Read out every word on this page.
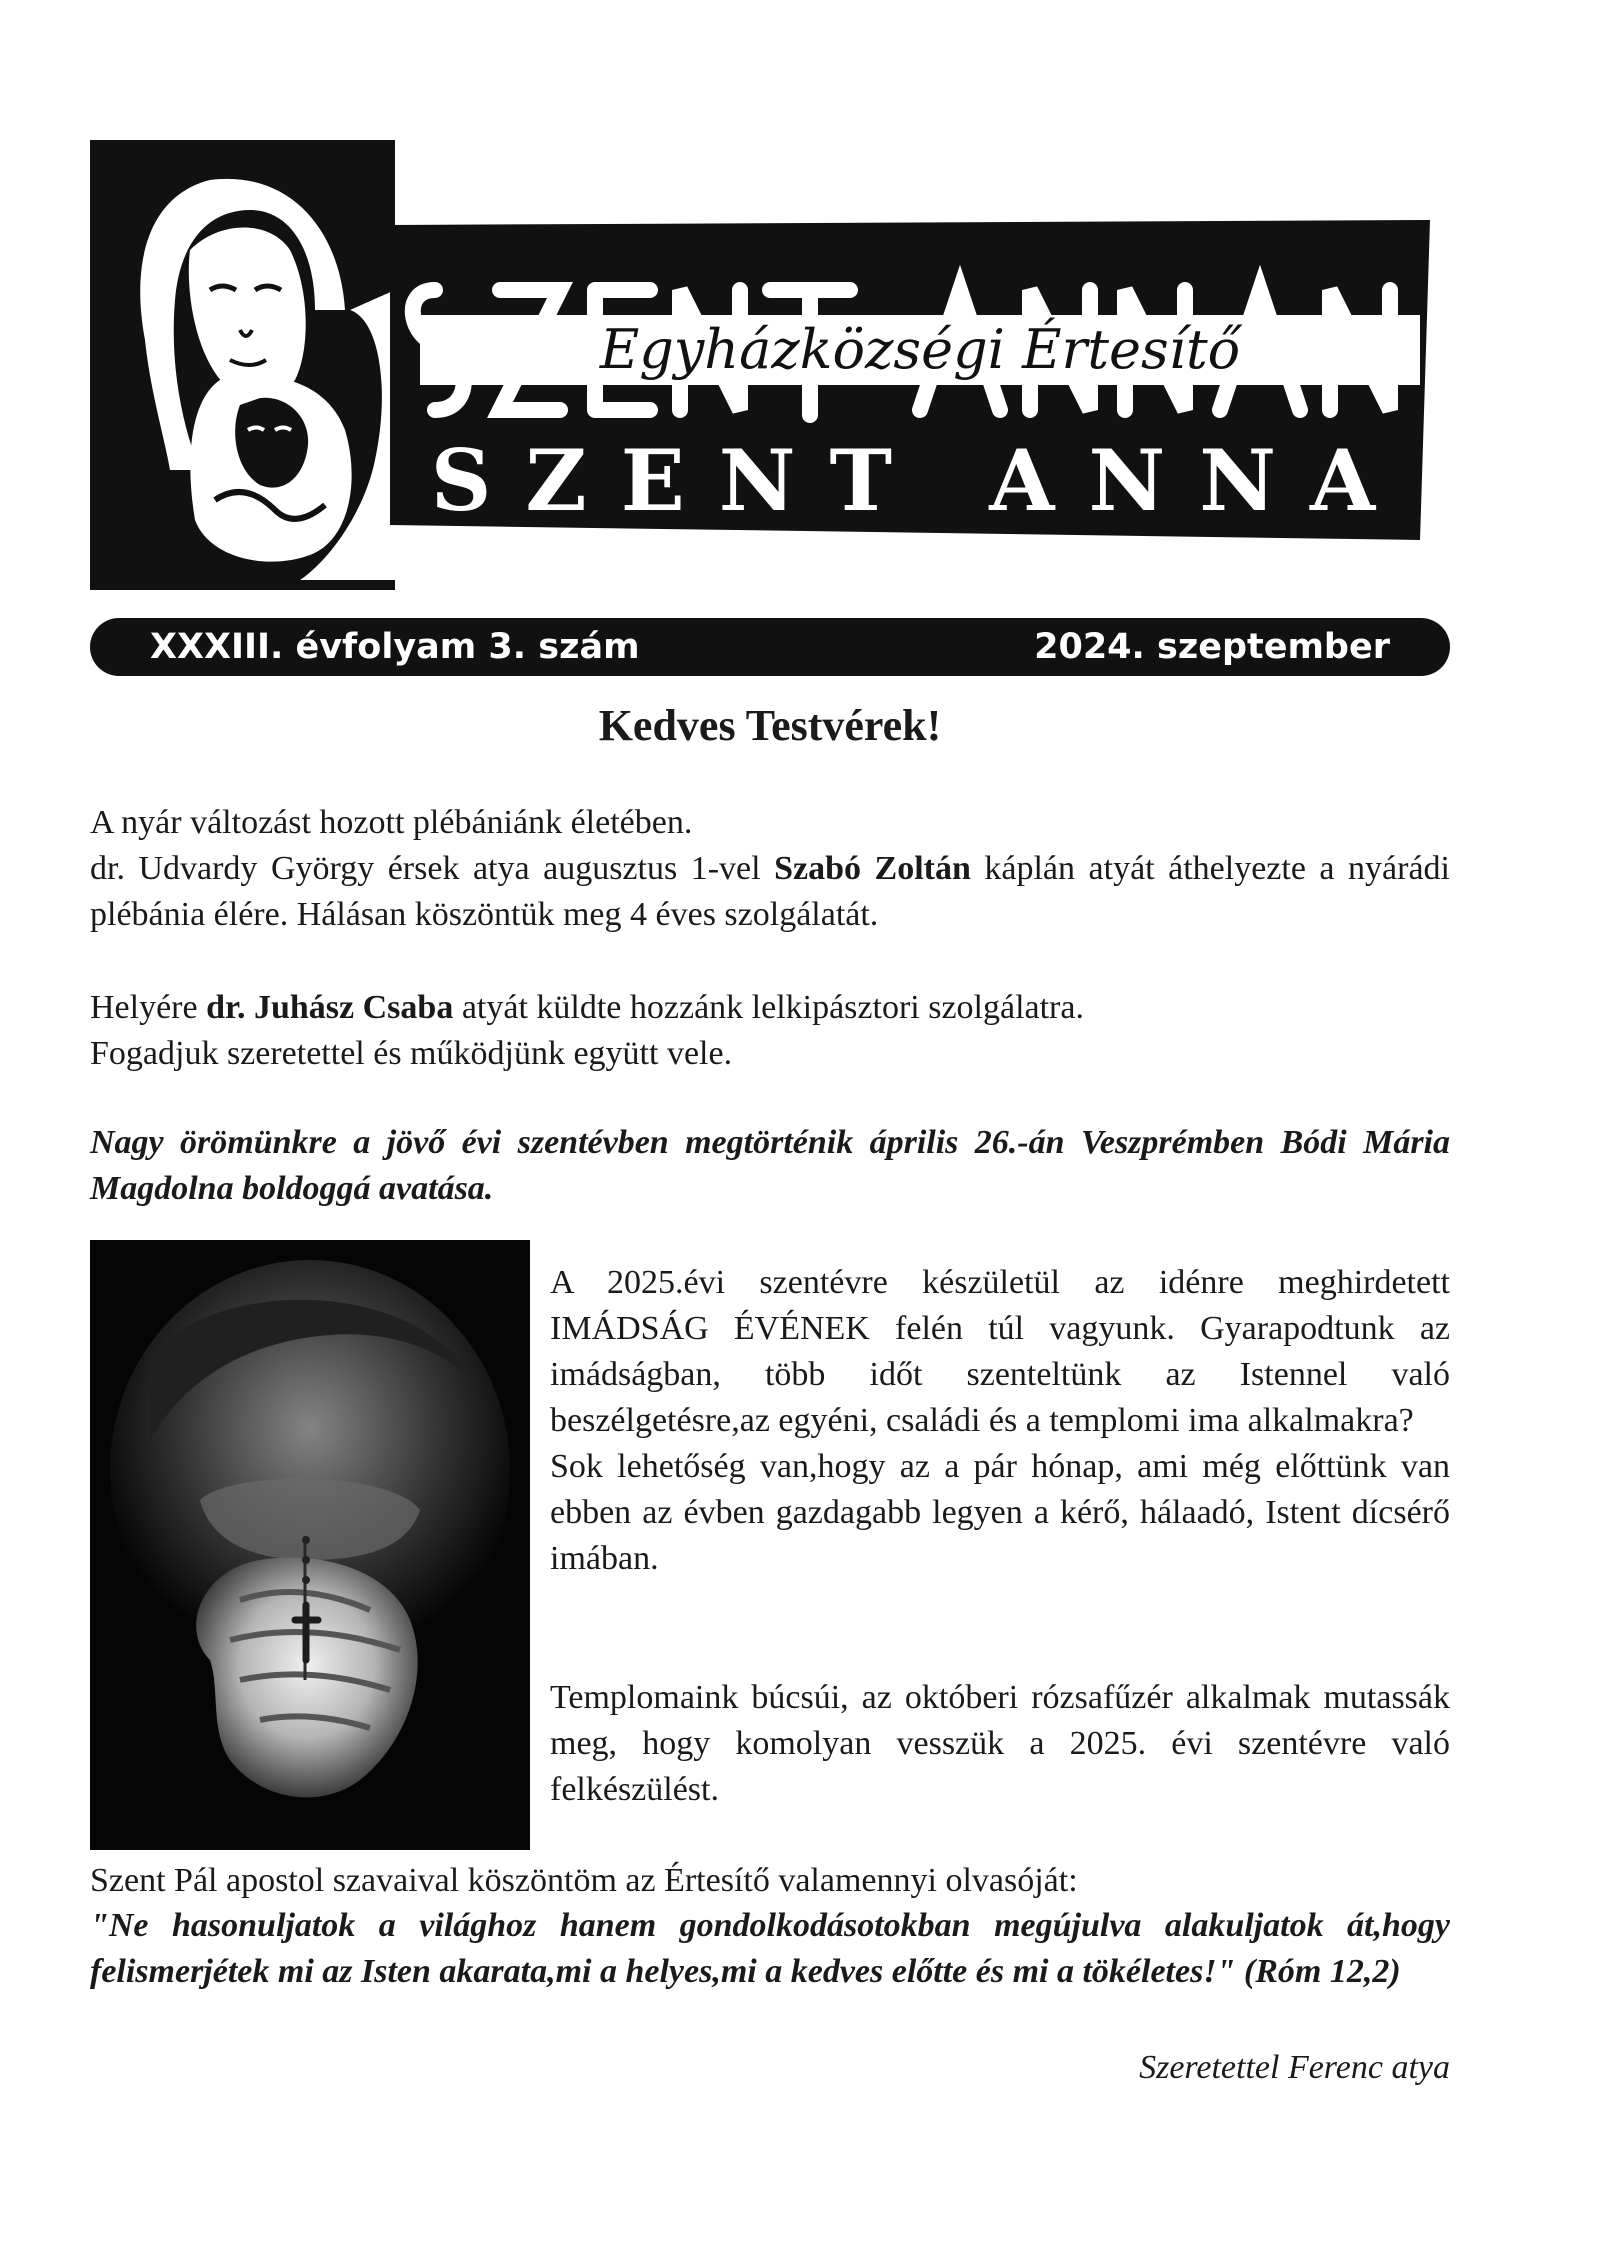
Egyházközségi Értesítő
SZENT ANNA
XXXIII. évfolyam 3. szám	2024. szeptember

Kedves Testvérek!

A nyár változást hozott plébániánk életében.
dr. Udvardy György érsek atya augusztus 1-vel Szabó Zoltán káplán atyát áthelyezte a nyárádi plébánia élére. Hálásan köszöntük meg 4 éves szolgálatát.
Helyére dr. Juhász Csaba atyát küldte hozzánk lelkipásztori szolgálatra.
Fogadjuk szeretettel és működjünk együtt vele.

Nagy örömünkre a jövő évi szentévben megtörténik április 26.-án Veszprémben Bódi Mária Magdolna boldoggá avatása.

A 2025.évi szentévre készületül az idénre meghirdetett IMÁDSÁG ÉVÉNEK felén túl vagyunk. Gyarapodtunk az imádságban, több időt szenteltünk az Istennel való beszélgetésre,az egyéni, családi és a templomi ima alkalmakra?
Sok lehetőség van,hogy az a pár hónap, ami még előttünk van ebben az évben gazdagabb legyen a kérő, hálaadó, Istent dícsérő imában.

Templomaink búcsúi, az októberi rózsafűzér alkalmak mutassák meg, hogy komolyan vesszük a 2025. évi szentévre való felkészülést.

Szent Pál apostol szavaival köszöntöm az Értesítő valamennyi olvasóját:

"Ne hasonuljatok a világhoz hanem gondolkodásotokban megújulva alakuljatok át,hogy felismerjétek mi az Isten akarata,mi a helyes,mi a kedves előtte és mi a tökéletes!" (Róm 12,2)

Szeretettel Ferenc atya
